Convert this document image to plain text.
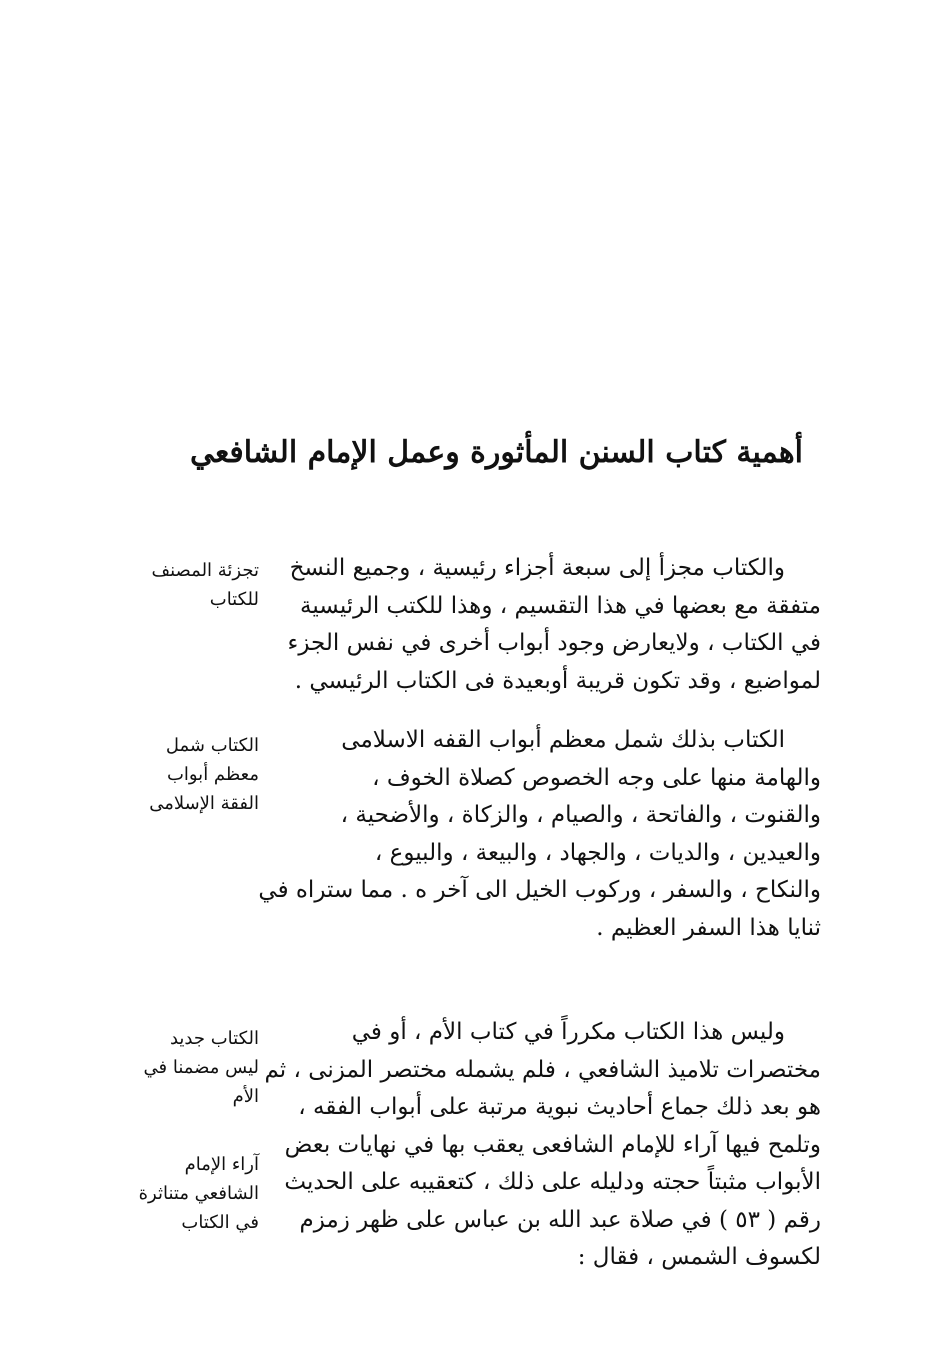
أهمية كتاب السنن المأثورة وعمل الإمام الشافعي
والكتاب مجزأ إلى سبعة أجزاء رئيسية ، وجميع النسخ
متفقة مع بعضها في هذا التقسيم ، وهذا للكتب الرئيسية
في الكتاب ، ولايعارض وجود أبواب أخرى في نفس الجزء
لمواضيع ، وقد تكون قريبة أوبعيدة فى الكتاب الرئيسي .
الكتاب بذلك شمل معظم أبواب القفه الاسلامى
والهامة منها على وجه الخصوص كصلاة الخوف ،
والقنوت ، والفاتحة ، والصيام ، والزكاة ، والأضحية ،
والعيدين ، والديات ، والجهاد ، والبيعة ، والبيوع ،
والنكاح ، والسفر ، وركوب الخيل الى آخر ه . مما ستراه في
ثنايا هذا السفر العظيم .
وليس هذا الكتاب مكرراً في كتاب الأم ، أو في
مختصرات تلاميذ الشافعي ، فلم يشمله مختصر المزنى ، ثم
هو بعد ذلك جماع أحاديث نبوية مرتبة على أبواب الفقه ،
وتلمح فيها آراء للإمام الشافعى يعقب بها في نهايات بعض
الأبواب مثبتاً حجته ودليله على ذلك ، كتعقيبه على الحديث
رقم ( ٥٣ ) في صلاة عبد الله بن عباس على ظهر زمزم
لكسوف الشمس ، فقال :
تجزئة المصنف
للكتاب
الكتاب شمل
معظم أبواب
الفقة الإسلامى
الكتاب جديد
ليس مضمنا في
الأم
آراء الإمام
الشافعي متناثرة
في الكتاب
